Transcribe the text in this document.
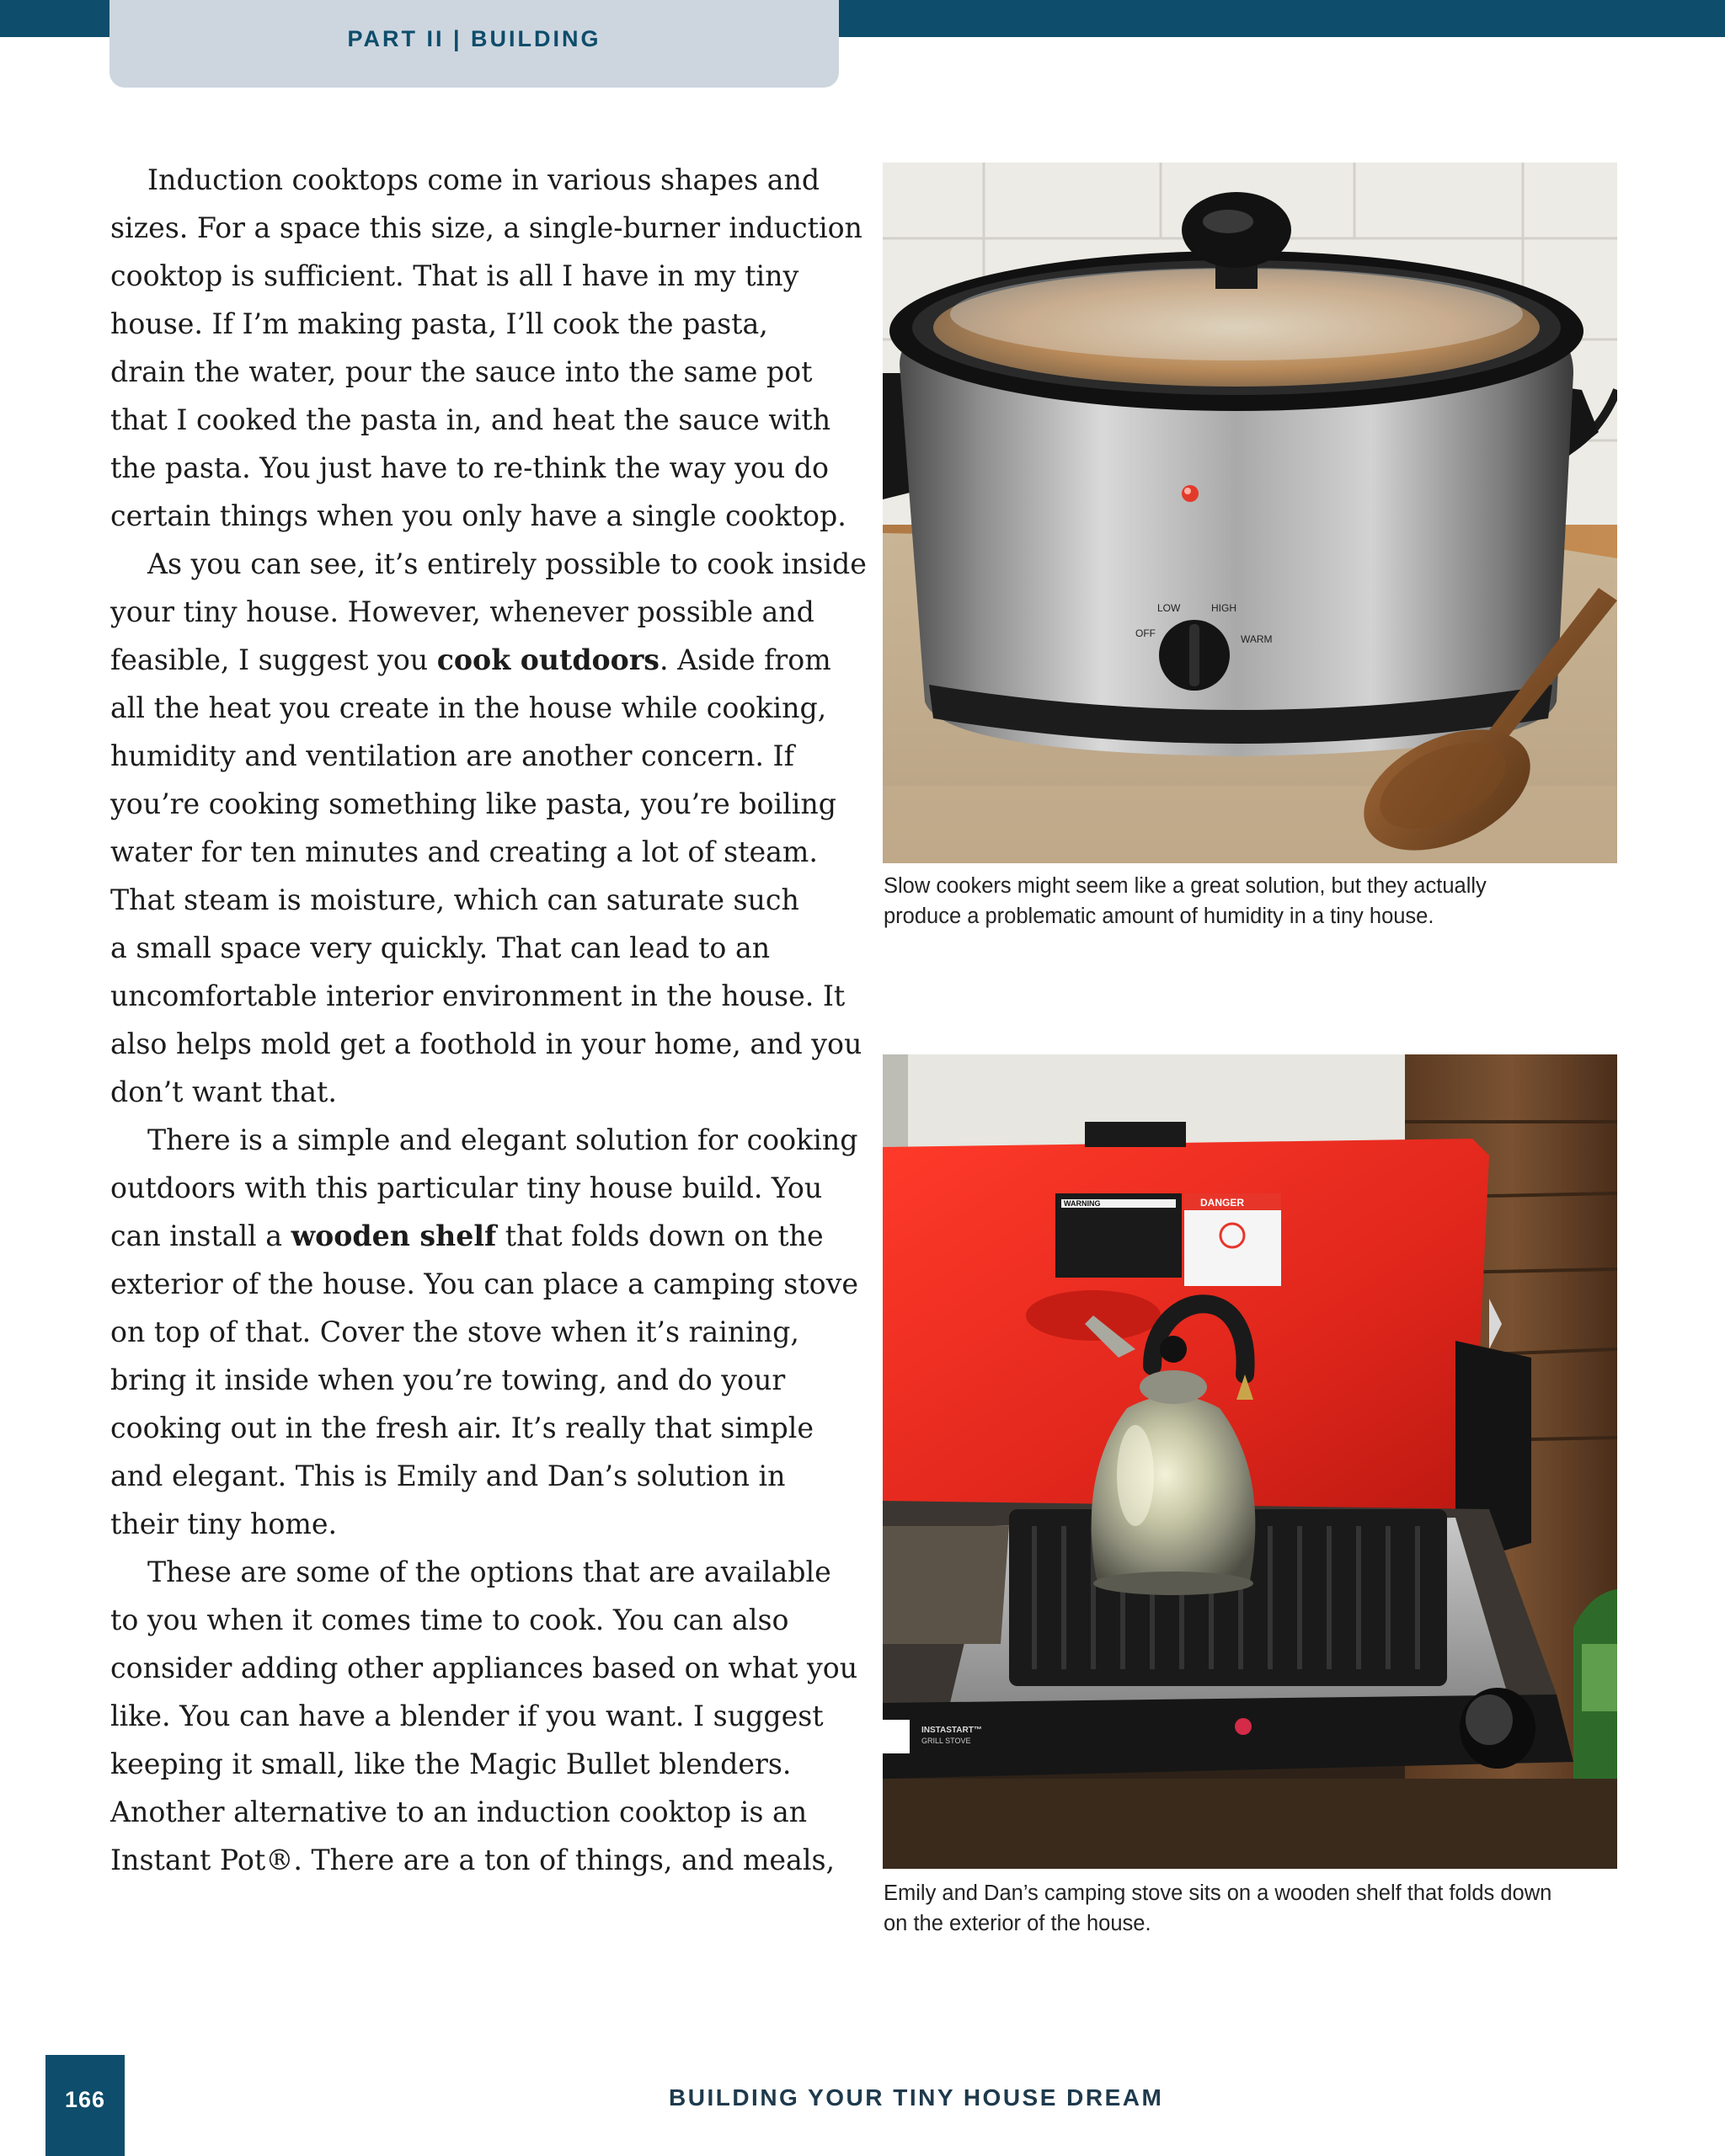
PART II | BUILDING
Induction cooktops come in various shapes and
sizes. For a space this size, a single-burner induction
cooktop is sufficient. That is all I have in my tiny
house. If I’m making pasta, I’ll cook the pasta,
drain the water, pour the sauce into the same pot
that I cooked the pasta in, and heat the sauce with
the pasta. You just have to re-think the way you do
certain things when you only have a single cooktop.
As you can see, it’s entirely possible to cook inside
your tiny house. However, whenever possible and
feasible, I suggest you cook outdoors. Aside from
all the heat you create in the house while cooking,
humidity and ventilation are another concern. If
you’re cooking something like pasta, you’re boiling
water for ten minutes and creating a lot of steam.
That steam is moisture, which can saturate such
a small space very quickly. That can lead to an
uncomfortable interior environment in the house. It
also helps mold get a foothold in your home, and you
don’t want that.
There is a simple and elegant solution for cooking
outdoors with this particular tiny house build. You
can install a wooden shelf that folds down on the
exterior of the house. You can place a camping stove
on top of that. Cover the stove when it’s raining,
bring it inside when you’re towing, and do your
cooking out in the fresh air. It’s really that simple
and elegant. This is Emily and Dan’s solution in
their tiny home.
These are some of the options that are available
to you when it comes time to cook. You can also
consider adding other appliances based on what you
like. You can have a blender if you want. I suggest
keeping it small, like the Magic Bullet blenders.
Another alternative to an induction cooktop is an
Instant Pot®. There are a ton of things, and meals,
LOW	HIGH
OFF	WARM
Slow cookers might seem like a great solution, but they actually
produce a problematic amount of humidity in a tiny house.
WARNING	DANGER
INSTASTART™
GRILL STOVE
Emily and Dan’s camping stove sits on a wooden shelf that folds down
on the exterior of the house.
166	BUILDING YOUR TINY HOUSE DREAM
